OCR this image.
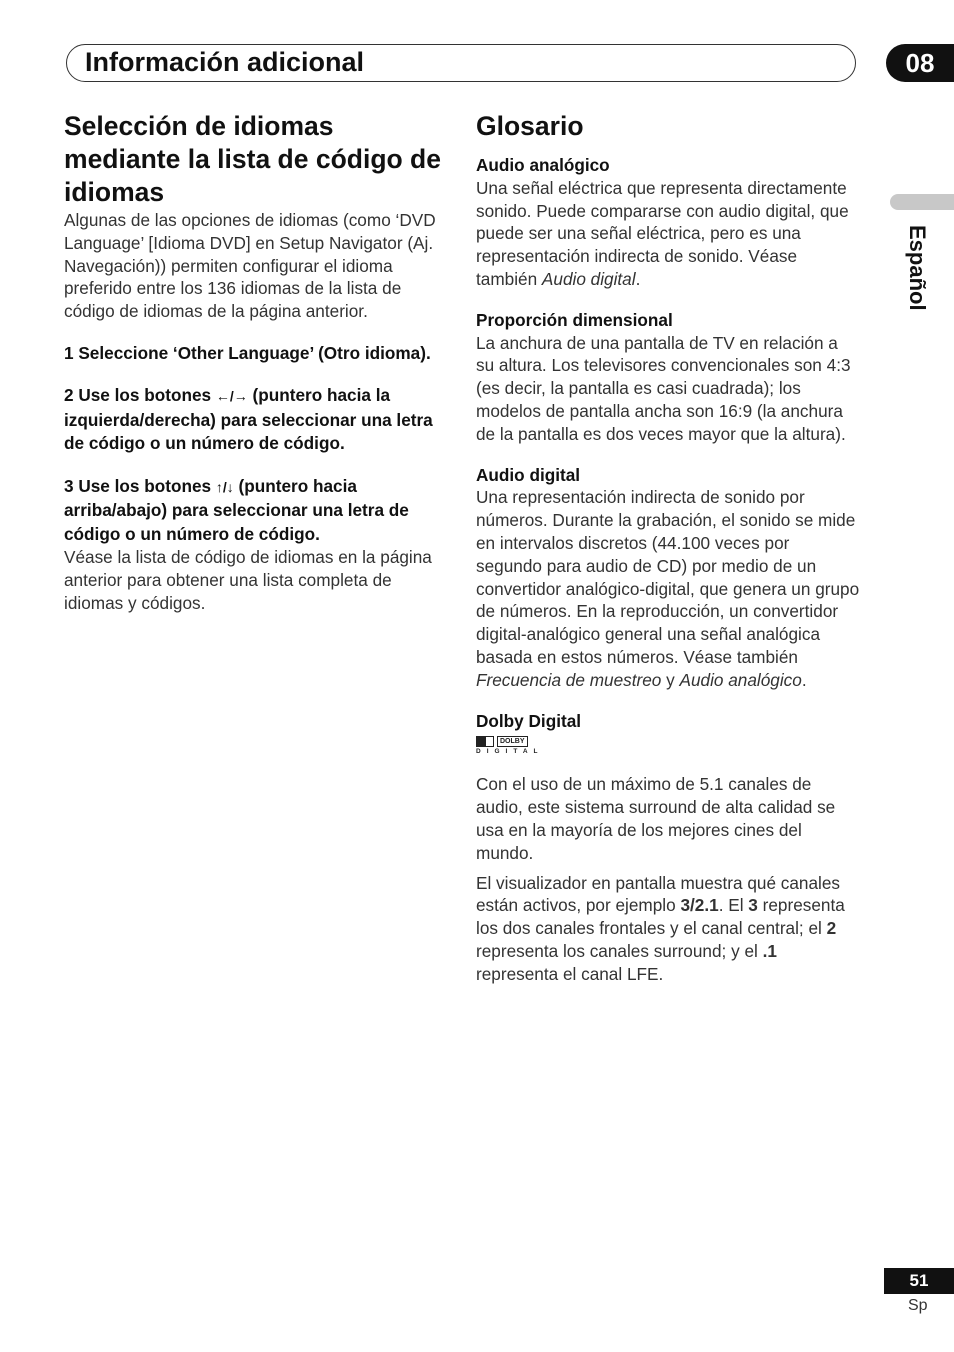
Información adicional	08
Español
Selección de idiomas mediante la lista de código de idiomas

Algunas de las opciones de idiomas (como ‘DVD Language’ [Idioma DVD] en Setup Navigator (Aj. Navegación)) permiten configurar el idioma preferido entre los 136 idiomas de la lista de código de idiomas de la página anterior.

1 Seleccione ‘Other Language’ (Otro idioma).

2 Use los botones ←/→ (puntero hacia la izquierda/derecha) para seleccionar una letra de código o un número de código.

3 Use los botones ↑/↓ (puntero hacia arriba/abajo) para seleccionar una letra de código o un número de código.

Véase la lista de código de idiomas en la página anterior para obtener una lista completa de idiomas y códigos.

Glosario

Audio analógico

Una señal eléctrica que representa directamente sonido. Puede compararse con audio digital, que puede ser una señal eléctrica, pero es una representación indirecta de sonido. Véase también Audio digital.

Proporción dimensional

La anchura de una pantalla de TV en relación a su altura. Los televisores convencionales son 4:3 (es decir, la pantalla es casi cuadrada); los modelos de pantalla ancha son 16:9 (la anchura de la pantalla es dos veces mayor que la altura).

Audio digital

Una representación indirecta de sonido por números. Durante la grabación, el sonido se mide en intervalos discretos (44.100 veces por segundo para audio de CD) por medio de un convertidor analógico-digital, que genera un grupo de números. En la reproducción, un convertidor digital-analógico general una señal analógica basada en estos números. Véase también Frecuencia de muestreo y Audio analógico.

Dolby Digital

DOLBY
DIGITAL

Con el uso de un máximo de 5.1 canales de audio, este sistema surround de alta calidad se usa en la mayoría de los mejores cines del mundo.

El visualizador en pantalla muestra qué canales están activos, por ejemplo 3/2.1. El 3 representa los dos canales frontales y el canal central; el 2 representa los canales surround; y el .1 representa el canal LFE.

51
Sp
